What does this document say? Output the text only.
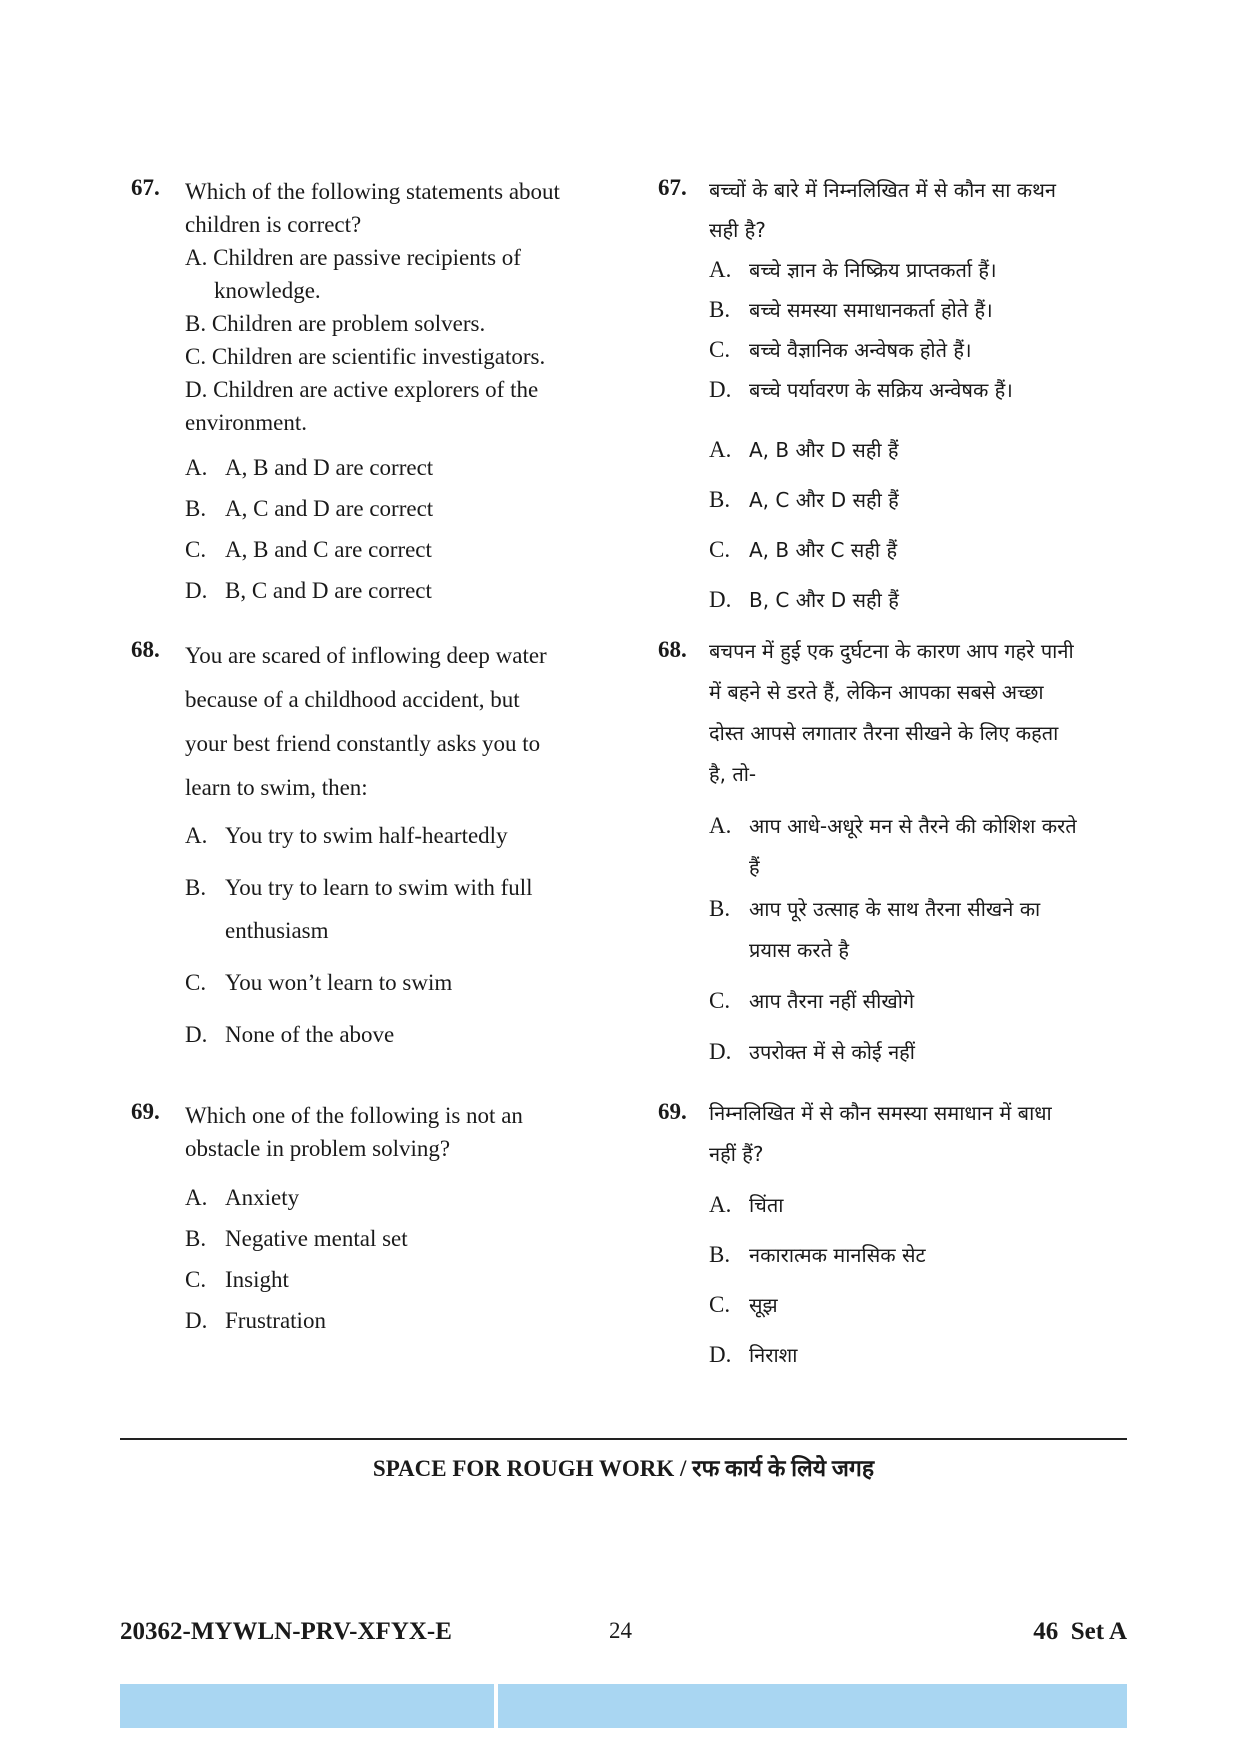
67. Which of the following statements about
children is correct?
A. Children are passive recipients of
knowledge.
B. Children are problem solvers.
C. Children are scientific investigators.
D. Children are active explorers of the
environment.
A. A, B and D are correct
B. A, C and D are correct
C. A, B and C are correct
D. B, C and D are correct
67. बच्चों के बारे में निम्नलिखित में से कौन सा कथन
सही है?
A. बच्चे ज्ञान के निष्क्रिय प्राप्तकर्ता हैं।
B. बच्चे समस्या समाधानकर्ता होते हैं।
C. बच्चे वैज्ञानिक अन्वेषक होते हैं।
D. बच्चे पर्यावरण के सक्रिय अन्वेषक हैं।
A. A, B और D सही हैं
B. A, C और D सही हैं
C. A, B और C सही हैं
D. B, C और D सही हैं
68. You are scared of inflowing deep water
because of a childhood accident, but
your best friend constantly asks you to
learn to swim, then:
A. You try to swim half-heartedly
B. You try to learn to swim with full
enthusiasm
C. You won’t learn to swim
D. None of the above
68. बचपन में हुई एक दुर्घटना के कारण आप गहरे पानी
में बहने से डरते हैं, लेकिन आपका सबसे अच्छा
दोस्त आपसे लगातार तैरना सीखने के लिए कहता
है, तो-
A. आप आधे-अधूरे मन से तैरने की कोशिश करते
हैं
B. आप पूरे उत्साह के साथ तैरना सीखने का
प्रयास करते है
C. आप तैरना नहीं सीखोगे
D. उपरोक्त में से कोई नहीं
69. Which one of the following is not an
obstacle in problem solving?
A. Anxiety
B. Negative mental set
C. Insight
D. Frustration
69. निम्नलिखित में से कौन समस्या समाधान में बाधा
नहीं हैं?
A. चिंता
B. नकारात्मक मानसिक सेट
C. सूझ
D. निराशा
SPACE FOR ROUGH WORK / रफ कार्य के लिये जगह
20362-MYWLN-PRV-XFYX-E	24	46  Set A
